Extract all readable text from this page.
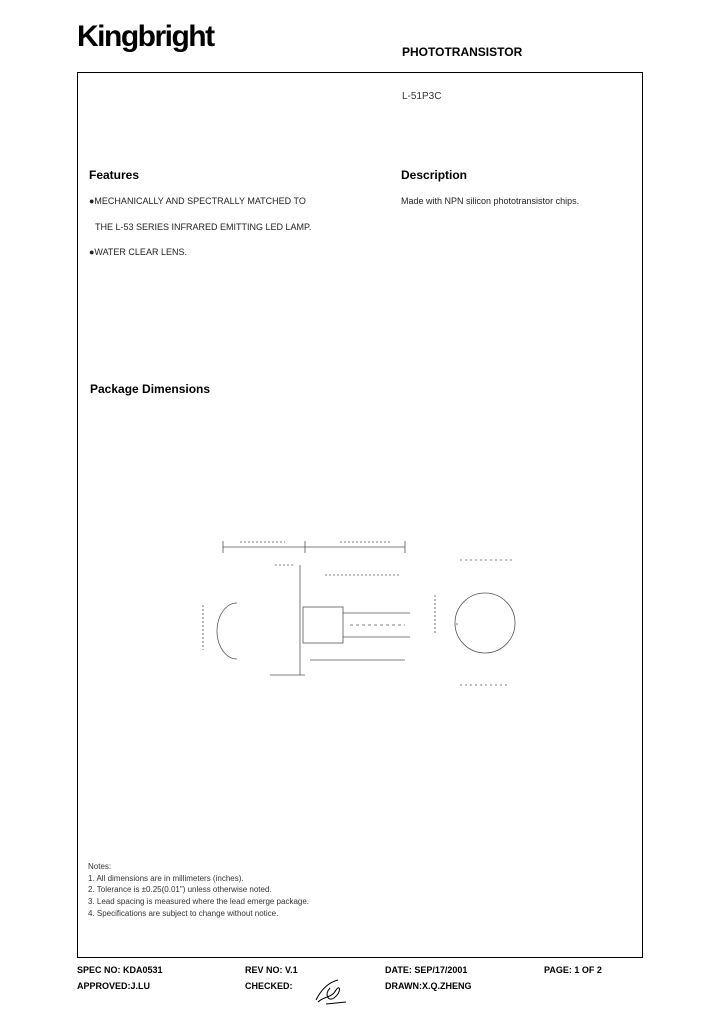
Kingbright	PHOTOTRANSISTOR
L-51P3C
Features
●MECHANICALLY AND SPECTRALLY MATCHED TO
THE L-53 SERIES INFRARED EMITTING LED LAMP.
●WATER CLEAR LENS.
Description
Made with NPN silicon phototransistor chips.
Package Dimensions
Notes:
1. All dimensions are in millimeters (inches).
2. Tolerance is ±0.25(0.01") unless otherwise noted.
3. Lead spacing is measured where the lead emerge package.
4. Specifications are subject to change without notice.
SPEC NO: KDA0531	REV NO: V.1	DATE: SEP/17/2001	PAGE: 1 OF 2
APPROVED:J.LU	CHECKED:	DRAWN:X.Q.ZHENG
